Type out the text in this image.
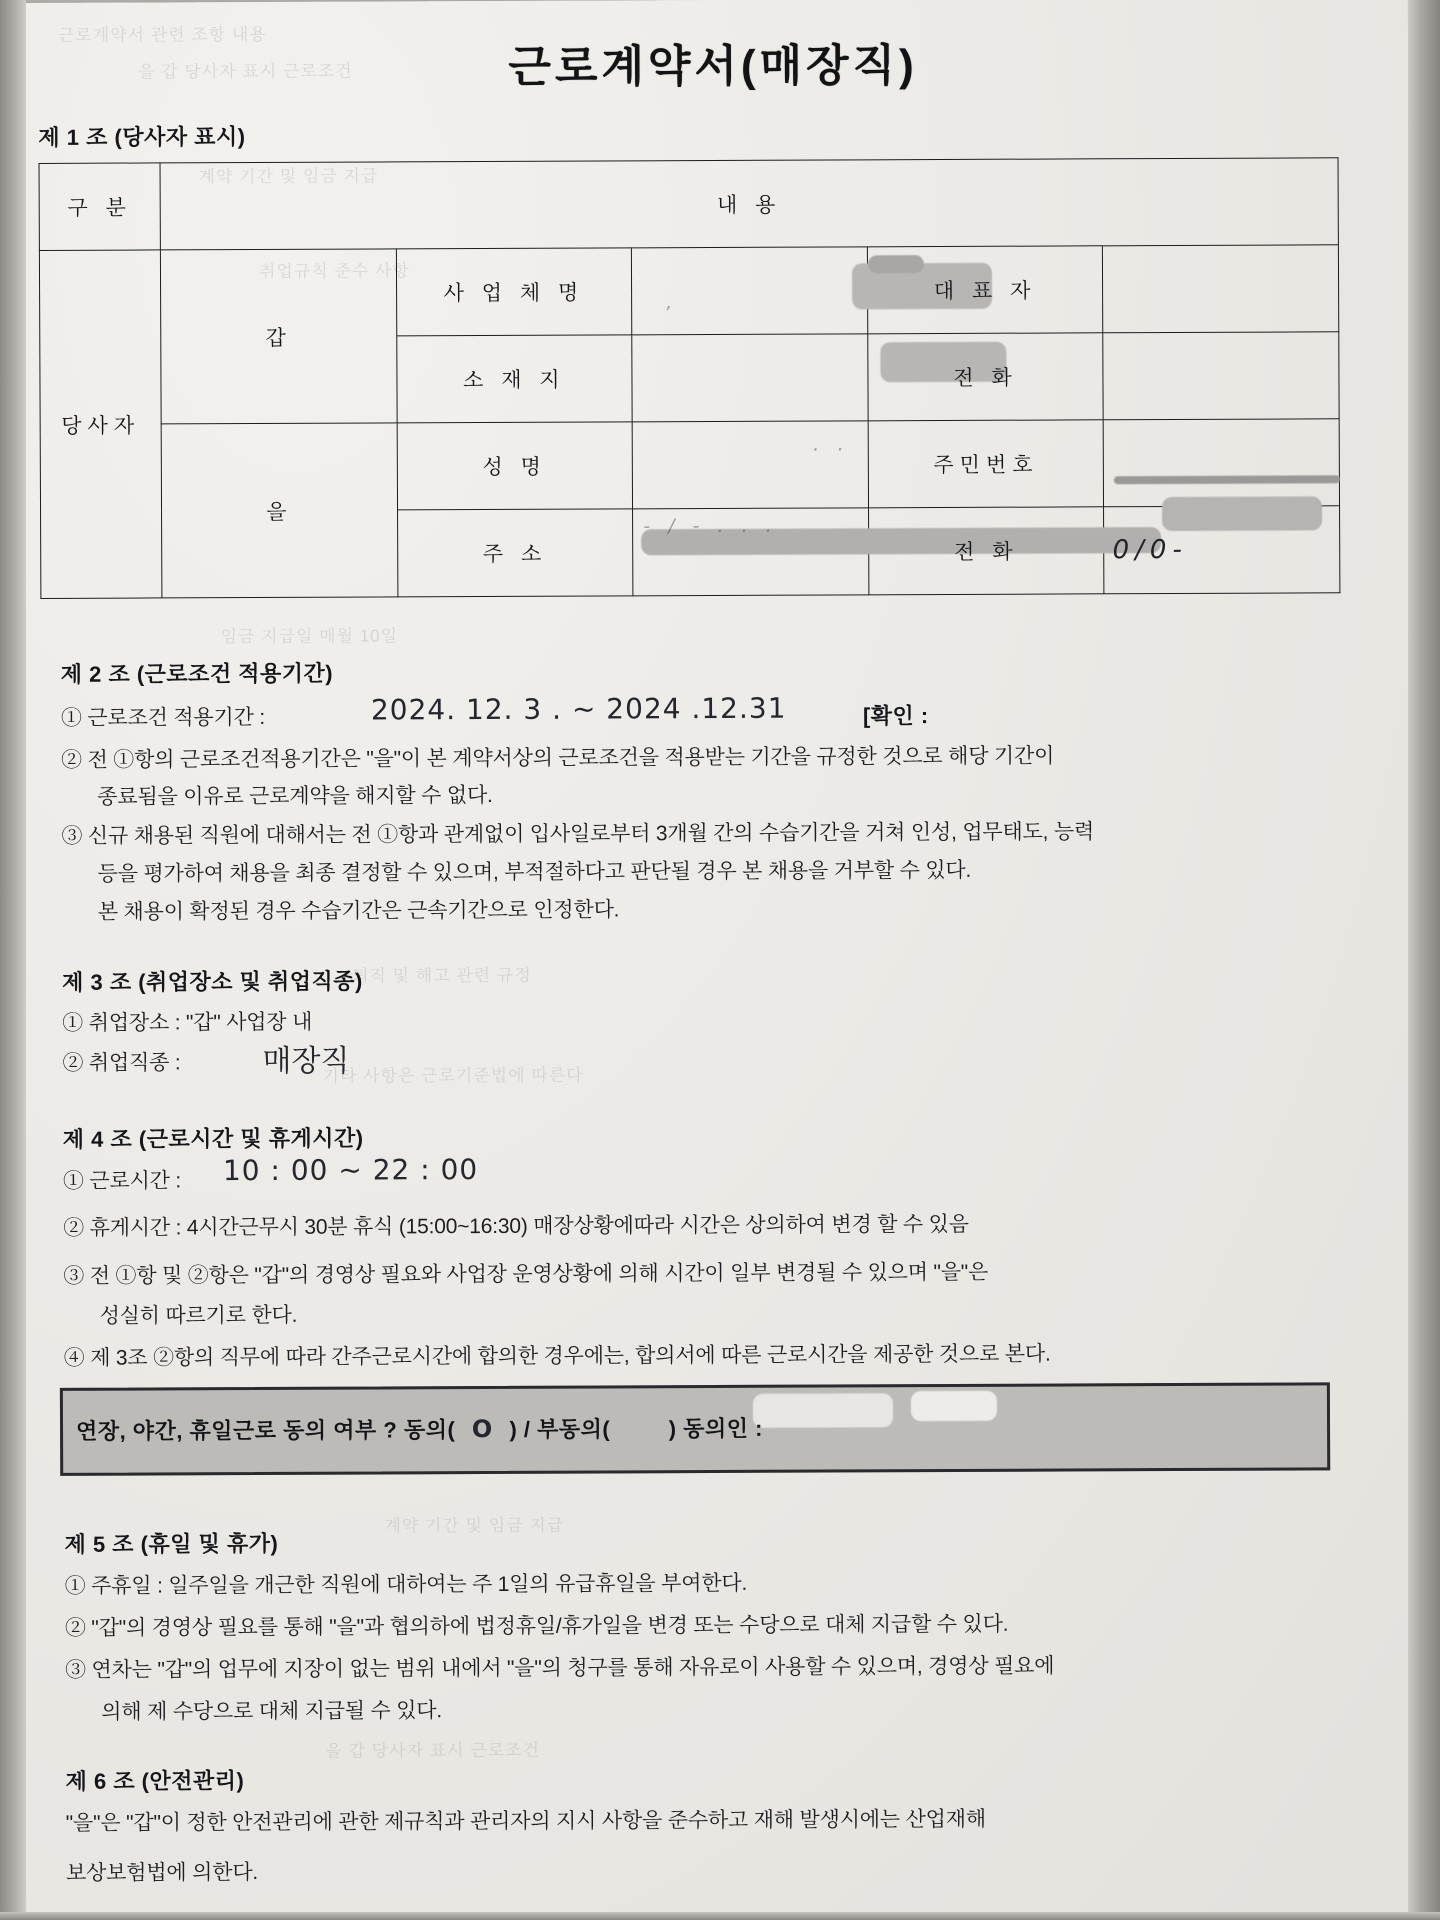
근로계약서 관련 조항 내용
을 갑 당사자 표시 근로조건
계약 기간 및 임금 지급
취업규칙 준수 사항
임금 지급일 매월 10일
퇴직 및 해고 관련 규정
기타 사항은 근로기준법에 따른다
계약 기간 및 임금 지급
을 갑 당사자 표시 근로조건
근로계약서(매장직)
제 1 조 (당사자 표시)
구 분	내 용				
당사자	갑	사 업 체 명	,	대 표 자	
		소 재 지		전 화	
	을	성 명	. .	주민번호	

		주 소	- / - . . .	전 화	0/0-
제 2 조 (근로조건 적용기간)
① 근로조건 적용기간 :	2024. 12. 3 . ~ 2024 .12.31	[확인 :
② 전 ①항의 근로조건적용기간은 "을"이 본 계약서상의 근로조건을 적용받는 기간을 규정한 것으로 해당 기간이
종료됨을 이유로 근로계약을 해지할 수 없다.
③ 신규 채용된 직원에 대해서는 전 ①항과 관계없이 입사일로부터 3개월 간의 수습기간을 거쳐 인성, 업무태도, 능력
등을 평가하여 채용을 최종 결정할 수 있으며, 부적절하다고 판단될 경우 본 채용을 거부할 수 있다.
본 채용이 확정된 경우 수습기간은 근속기간으로 인정한다.
제 3 조 (취업장소 및 취업직종)
① 취업장소 : "갑" 사업장 내
② 취업직종 :	매장직
제 4 조 (근로시간 및 휴게시간)
① 근로시간 : 10 : 00 ~ 22 : 00
② 휴게시간 : 4시간근무시 30분 휴식 (15:00~16:30) 매장상황에따라 시간은 상의하여 변경 할 수 있음
③ 전 ①항 및 ②항은 "갑"의 경영상 필요와 사업장 운영상황에 의해 시간이 일부 변경될 수 있으며 "을"은
성실히 따르기로 한다.
④ 제 3조 ②항의 직무에 따라 간주근로시간에 합의한 경우에는, 합의서에 따른 근로시간을 제공한 것으로 본다.
연장, 야간, 휴일근로 동의 여부 ? 동의( O ) / 부동의(	) 동의인 :
제 5 조 (휴일 및 휴가)
① 주휴일 : 일주일을 개근한 직원에 대하여는 주 1일의 유급휴일을 부여한다.
② "갑"의 경영상 필요를 통해 "을"과 협의하에 법정휴일/휴가일을 변경 또는 수당으로 대체 지급할 수 있다.
③ 연차는 "갑"의 업무에 지장이 없는 범위 내에서 "을"의 청구를 통해 자유로이 사용할 수 있으며, 경영상 필요에
의해 제 수당으로 대체 지급될 수 있다.
제 6 조 (안전관리)
"을"은 "갑"이 정한 안전관리에 관한 제규칙과 관리자의 지시 사항을 준수하고 재해 발생시에는 산업재해
보상보험법에 의한다.
